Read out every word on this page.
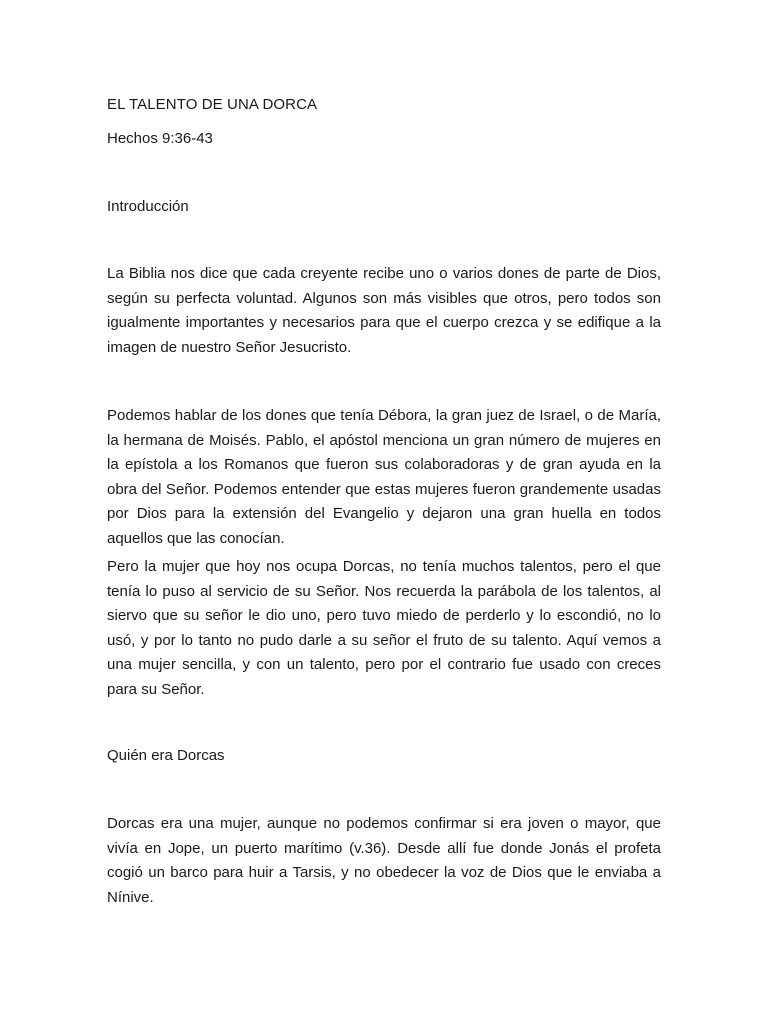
EL TALENTO DE UNA DORCA

Hechos 9:36-43

Introducción

La Biblia nos dice que cada creyente recibe uno o varios dones de parte de Dios, según su perfecta voluntad. Algunos son más visibles que otros, pero todos son igualmente importantes y necesarios para que el cuerpo crezca y se edifique a la imagen de nuestro Señor Jesucristo.

Podemos hablar de los dones que tenía Débora, la gran juez de Israel, o de María, la hermana de Moisés. Pablo, el apóstol menciona un gran número de mujeres en la epístola a los Romanos que fueron sus colaboradoras y de gran ayuda en la obra del Señor. Podemos entender que estas mujeres fueron grandemente usadas por Dios para la extensión del Evangelio y dejaron una gran huella en todos aquellos que las conocían.

Pero la mujer que hoy nos ocupa Dorcas, no tenía muchos talentos, pero el que tenía lo puso al servicio de su Señor. Nos recuerda la parábola de los talentos, al siervo que su señor le dio uno, pero tuvo miedo de perderlo y lo escondió, no lo usó, y por lo tanto no pudo darle a su señor el fruto de su talento. Aquí vemos a una mujer sencilla, y con un talento, pero por el contrario fue usado con creces para su Señor.

Quién era Dorcas

Dorcas era una mujer, aunque no podemos confirmar si era joven o mayor, que vivía en Jope, un puerto marítimo (v.36). Desde allí fue donde Jonás el profeta cogió un barco para huir a Tarsis, y no obedecer la voz de Dios que le enviaba a Nínive.
